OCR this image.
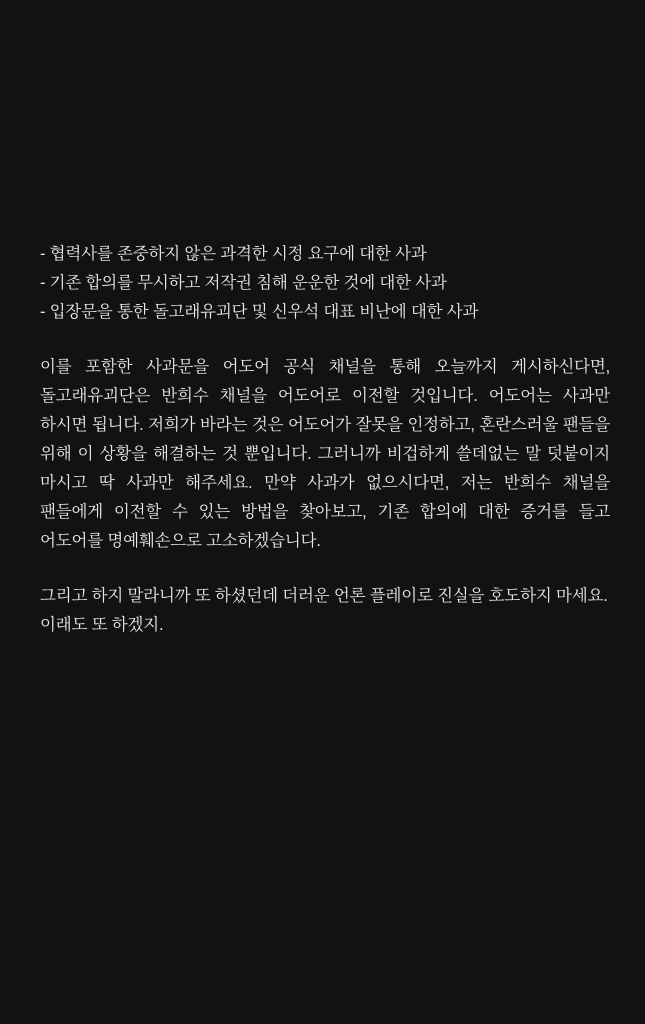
- 협력사를 존중하지 않은 과격한 시정 요구에 대한 사과
- 기존 합의를 무시하고 저작권 침해 운운한 것에 대한 사과
- 입장문을 통한 돌고래유괴단 및 신우석 대표 비난에 대한 사과

이를 포함한 사과문을 어도어 공식 채널을 통해 오늘까지 게시하신다면, 돌고래유괴단은 반희수 채널을 어도어로 이전할 것입니다. 어도어는 사과만 하시면 됩니다. 저희가 바라는 것은 어도어가 잘못을 인정하고, 혼란스러울 팬들을 위해 이 상황을 해결하는 것 뿐입니다. 그러니까 비겁하게 쓸데없는 말 덧붙이지 마시고 딱 사과만 해주세요. 만약 사과가 없으시다면, 저는 반희수 채널을 팬들에게 이전할 수 있는 방법을 찾아보고, 기존 합의에 대한 증거를 들고 어도어를 명예훼손으로 고소하겠습니다.

그리고 하지 말라니까 또 하셨던데 더러운 언론 플레이로 진실을 호도하지 마세요. 이래도 또 하겠지.
